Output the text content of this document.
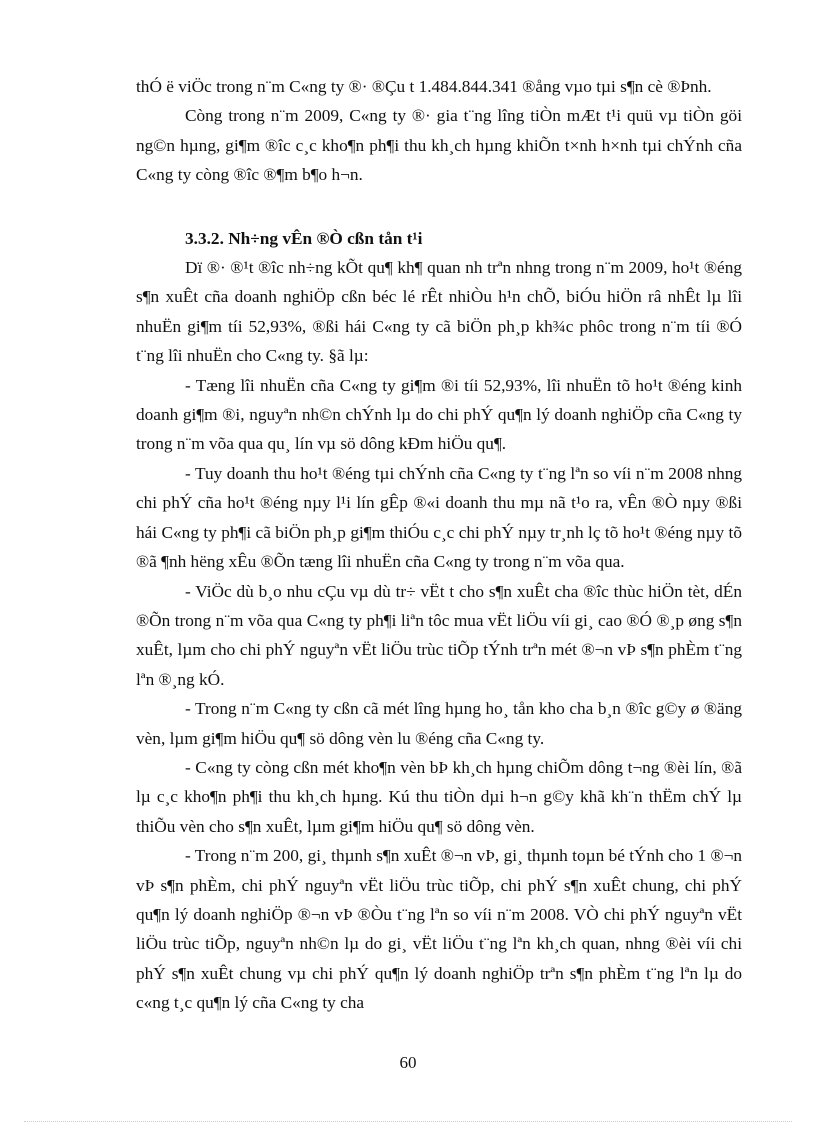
thÓ ë viÖc trong n¨m C«ng ty ®· ®Çu t 1.484.844.341 ®ång vµo tµi s¶n cè ®Þnh.

Còng trong n¨m 2009, C«ng ty ®· gia t¨ng lîng tiÒn mÆt t¹i quü vµ tiÒn göi ng©n hµng, gi¶m ®îc c¸c kho¶n ph¶i thu kh¸ch hµng khiÕn t×nh h×nh tµi chÝnh cña C«ng ty còng ®îc ®¶m b¶o h¬n.

3.3.2. Nh÷ng vÊn ®Ò cßn tån t¹i

Dï ®· ®¹t ®îc nh÷ng kÕt qu¶ kh¶ quan nh trªn nhng trong n¨m 2009, ho¹t ®éng s¶n xuÊt cña doanh nghiÖp cßn béc lé rÊt nhiÒu h¹n chÕ, biÓu hiÖn râ nhÊt lµ lîi nhuËn gi¶m tíi 52,93%, ®ßi hái C«ng ty cã biÖn ph¸p kh¾c phôc trong n¨m tíi ®Ó t¨ng lîi nhuËn cho C«ng ty. §ã lµ:

- Tæng lîi nhuËn cña C«ng ty gi¶m ®i tíi 52,93%, lîi nhuËn tõ ho¹t ®éng kinh doanh gi¶m ®i, nguyªn nh©n chÝnh lµ do chi phÝ qu¶n lý doanh nghiÖp cña C«ng ty trong n¨m võa qua qu¸ lín vµ sö dông kÐm hiÖu qu¶.

- Tuy doanh thu ho¹t ®éng tµi chÝnh cña C«ng ty t¨ng lªn so víi n¨m 2008 nhng chi phÝ cña ho¹t ®éng nµy l¹i lín gÊp ®«i doanh thu mµ nã t¹o ra, vÊn ®Ò nµy ®ßi hái C«ng ty ph¶i cã biÖn ph¸p gi¶m thiÓu c¸c chi phÝ nµy tr¸nh lç tõ ho¹t ®éng nµy tõ ®ã ¶nh hëng xÊu ®Õn tæng lîi nhuËn cña C«ng ty trong n¨m võa qua.

- ViÖc dù b¸o nhu cÇu vµ dù tr÷ vËt t cho s¶n xuÊt cha ®îc thùc hiÖn tèt, dÉn ®Õn trong n¨m võa qua C«ng ty ph¶i liªn tôc mua vËt liÖu víi gi¸ cao ®Ó ®¸p øng s¶n xuÊt, lµm cho chi phÝ nguyªn vËt liÖu trùc tiÕp tÝnh trªn mét ®¬n vÞ s¶n phÈm t¨ng lªn ®¸ng kÓ.

- Trong n¨m C«ng ty cßn cã mét lîng hµng ho¸ tån kho cha b¸n ®îc g©y ø ®äng vèn, lµm gi¶m hiÖu qu¶ sö dông vèn lu ®éng cña C«ng ty.

- C«ng ty còng cßn mét kho¶n vèn bÞ kh¸ch hµng chiÕm dông t¬ng ®èi lín, ®ã lµ c¸c kho¶n ph¶i thu kh¸ch hµng. Kú thu tiÒn dµi h¬n g©y khã kh¨n thËm chÝ lµ thiÕu vèn cho s¶n xuÊt, lµm gi¶m hiÖu qu¶ sö dông vèn.

- Trong n¨m 200, gi¸ thµnh s¶n xuÊt ®¬n vÞ, gi¸ thµnh toµn bé tÝnh cho 1 ®¬n vÞ s¶n phÈm, chi phÝ nguyªn vËt liÖu trùc tiÕp, chi phÝ s¶n xuÊt chung, chi phÝ qu¶n lý doanh nghiÖp ®¬n vÞ ®Òu t¨ng lªn so víi n¨m 2008. VÒ chi phÝ nguyªn vËt liÖu trùc tiÕp, nguyªn nh©n lµ do gi¸ vËt liÖu t¨ng lªn kh¸ch quan, nhng ®èi víi chi phÝ s¶n xuÊt chung vµ chi phÝ qu¶n lý doanh nghiÖp trªn s¶n phÈm t¨ng lªn lµ do c«ng t¸c qu¶n lý cña C«ng ty cha

60
